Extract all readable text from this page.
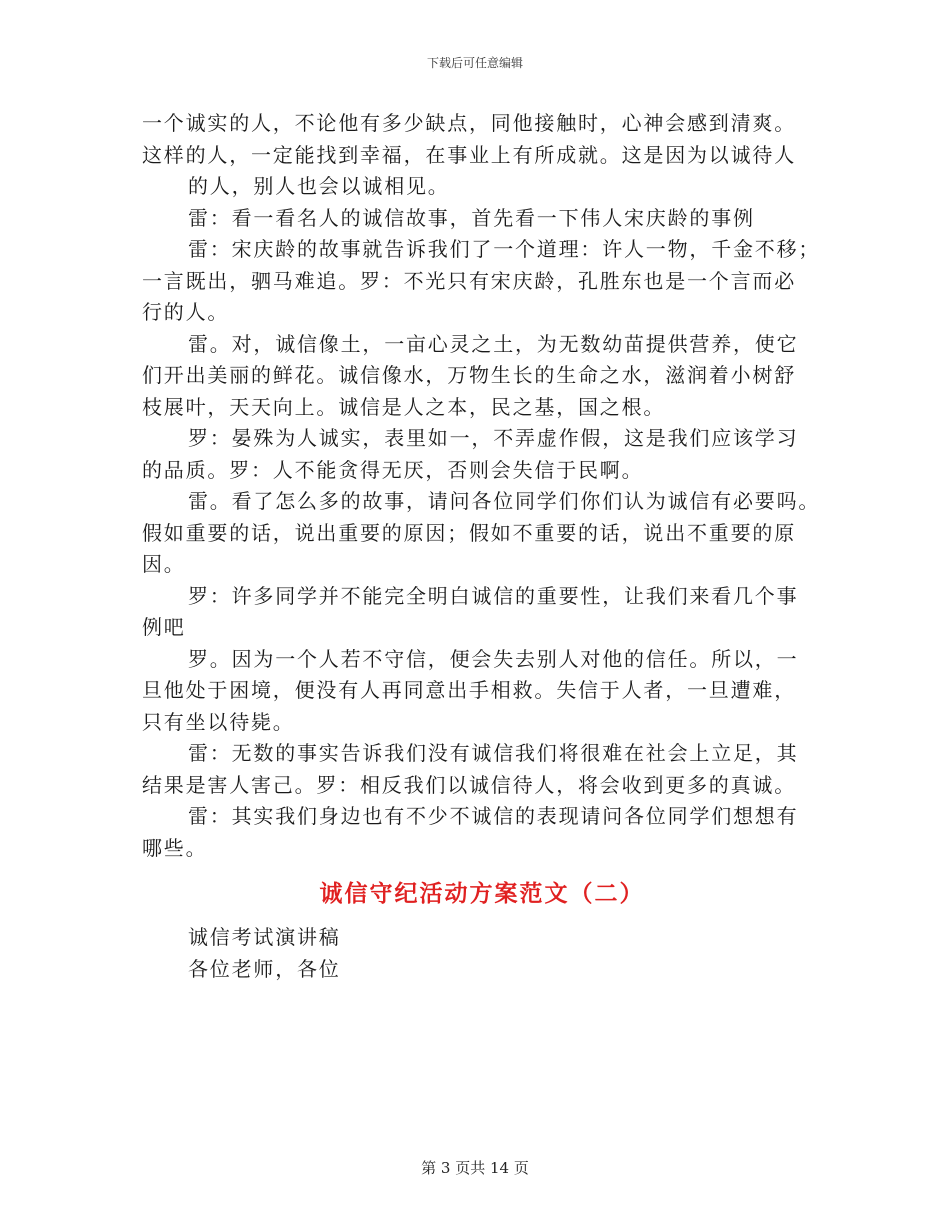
下载后可任意编辑

一个诚实的人，不论他有多少缺点，同他接触时，心神会感到清爽。

这样的人，一定能找到幸福，在事业上有所成就。这是因为以诚待人

的人，别人也会以诚相见。

雷：看一看名人的诚信故事，首先看一下伟人宋庆龄的事例

雷：宋庆龄的故事就告诉我们了一个道理：许人一物，千金不移；

一言既出，驷马难追。罗：不光只有宋庆龄，孔胜东也是一个言而必

行的人。

雷。对，诚信像土，一亩心灵之土，为无数幼苗提供营养，使它

们开出美丽的鲜花。诚信像水，万物生长的生命之水，滋润着小树舒

枝展叶，天天向上。诚信是人之本，民之基，国之根。

罗：晏殊为人诚实，表里如一，不弄虚作假，这是我们应该学习

的品质。罗：人不能贪得无厌，否则会失信于民啊。

雷。看了怎么多的故事，请问各位同学们你们认为诚信有必要吗。

假如重要的话，说出重要的原因；假如不重要的话，说出不重要的原

因。

罗：许多同学并不能完全明白诚信的重要性，让我们来看几个事

例吧

罗。因为一个人若不守信，便会失去别人对他的信任。所以，一

旦他处于困境，便没有人再同意出手相救。失信于人者，一旦遭难，

只有坐以待毙。

雷：无数的事实告诉我们没有诚信我们将很难在社会上立足，其

结果是害人害己。罗：相反我们以诚信待人，将会收到更多的真诚。

雷：其实我们身边也有不少不诚信的表现请问各位同学们想想有

哪些。

诚信守纪活动方案范文（二）

诚信考试演讲稿

各位老师，各位

第 3 页共 14 页
